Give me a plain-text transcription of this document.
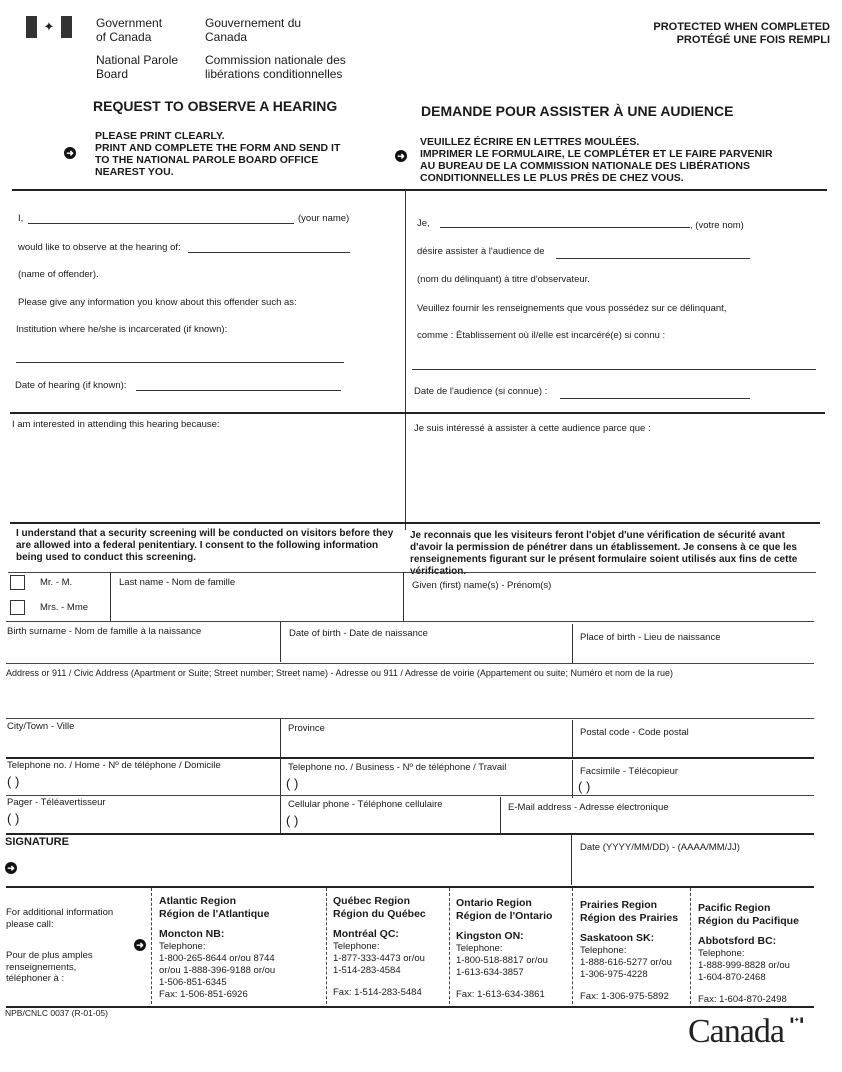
✦	Government
of Canada
Gouvernement du
Canada
National Parole
Board
Commission nationale des
libérations conditionnelles
PROTECTED WHEN COMPLETED
PROTÉGÉ UNE FOIS REMPLI
REQUEST TO OBSERVE A HEARING	DEMANDE POUR ASSISTER À UNE AUDIENCE
➜
PLEASE PRINT CLEARLY.
PRINT AND COMPLETE THE FORM AND SEND IT
TO THE NATIONAL PAROLE BOARD OFFICE
NEAREST YOU.
➜
VEUILLEZ ÉCRIRE EN LETTRES MOULÉES.
IMPRIMER LE FORMULAIRE, LE COMPLÉTER ET LE FAIRE PARVENIR
AU BUREAU DE LA COMMISSION NATIONALE DES LIBÉRATIONS
CONDITIONNELLES LE PLUS PRÈS DE CHEZ VOUS.
I,	(your name)
would like to observe at the hearing of:
(name of offender).
Please give any information you know about this offender such as:
Institution where he/she is incarcerated (if known):
Date of hearing (if known):
Je,	, (votre nom)
désire assister à l'audience de
(nom du délinquant) à titre d'observateur.
Veuillez fournir les renseignements que vous possédez sur ce délinquant,
comme : Établissement où il/elle est incarcéré(e) si connu :
Date de l'audience (si connue) :
I am interested in attending this hearing because:	Je suis intéressé à assister à cette audience parce que :
I understand that a security screening will be conducted on visitors before they are allowed into a federal penitentiary. I consent to the following information being used to conduct this screening.
Je reconnais que les visiteurs feront l'objet d'une vérification de sécurité avant d'avoir la permission de pénétrer dans un établissement. Je consens à ce que les renseignements figurant sur le présent formulaire soient utilisés aux fins de cette vérification.
Mr. - M.
Mrs. - Mme
Last name - Nom de famille	Given (first) name(s) - Prénom(s)
Birth surname - Nom de famille à la naissance	Date of birth - Date de naissance	Place of birth - Lieu de naissance
Address or 911 / Civic Address (Apartment or Suite; Street number; Street name) - Adresse ou 911 / Adresse de voirie (Appartement ou suite; Numéro et nom de la rue)
City/Town - Ville	Province	Postal code - Code postal
Telephone no. / Home - Nº de téléphone / Domicile
( )
Telephone no. / Business - Nº de téléphone / Travail
( )
Facsimile - Télécopieur
( )
Pager - Téléavertisseur
( )
Cellular phone - Téléphone cellulaire
( )
E-Mail address - Adresse électronique
SIGNATURE
➜
Date (YYYY/MM/DD) - (AAAA/MM/JJ)
For additional information
please call:
Pour de plus amples
renseignements,
téléphoner à :
➜
Atlantic Region
Région de l'Atlantique
Moncton NB:
Telephone:
1-800-265-8644 or/ou 8744
or/ou 1-888-396-9188 or/ou
1-506-851-6345
Fax: 1-506-851-6926
Québec Region
Région du Québec
Montréal QC:
Telephone:
1-877-333-4473 or/ou
1-514-283-4584
Fax: 1-514-283-5484
Ontario Region
Région de l'Ontario
Kingston ON:
Telephone:
1-800-518-8817 or/ou
1-613-634-3857
Fax: 1-613-634-3861
Prairies Region
Région des Prairies
Saskatoon SK:
Telephone:
1-888-616-5277 or/ou
1-306-975-4228
Fax: 1-306-975-5892
Pacific Region
Région du Pacifique
Abbotsford BC:
Telephone:
1-888-999-8828 or/ou
1-604-870-2468
Fax: 1-604-870-2498
NPB/CNLC 0037 (R-01-05)	Canada ▮✦▮
